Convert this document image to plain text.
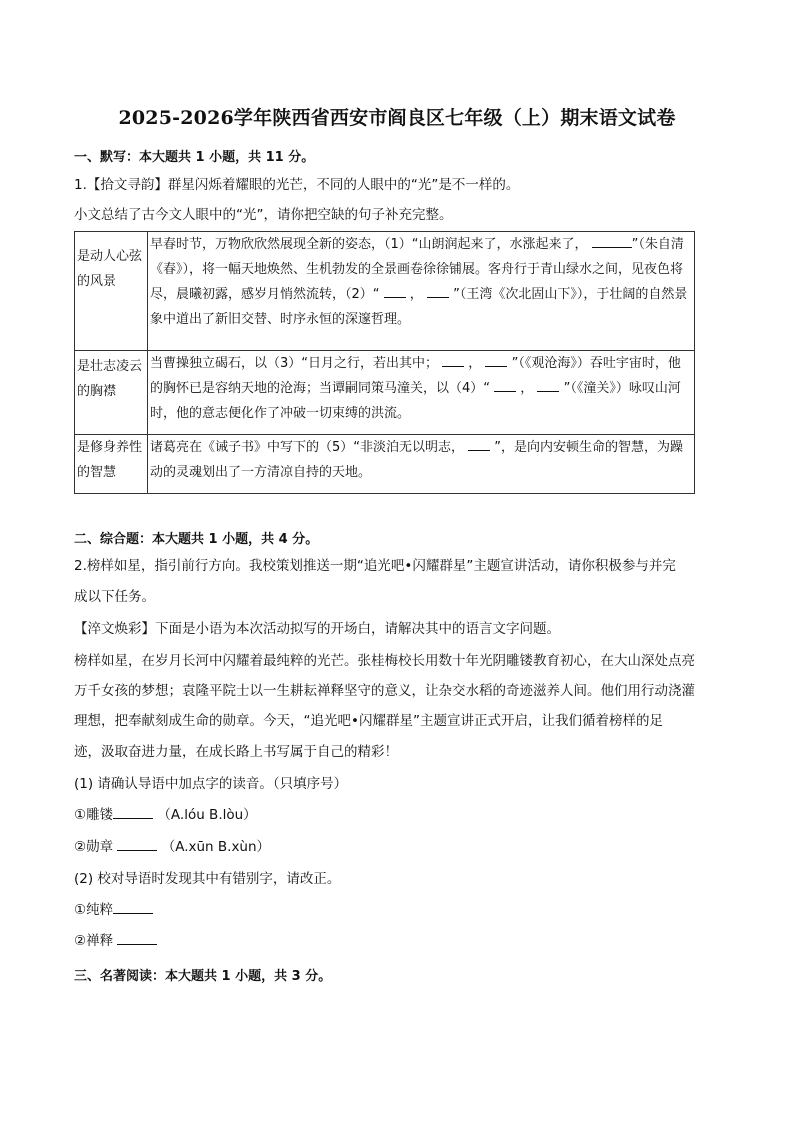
2025-2026学年陕西省西安市阎良区七年级（上）期末语文试卷
一、默写：本大题共 1 小题，共 11 分。
1.【拾文寻韵】群星闪烁着耀眼的光芒，不同的人眼中的“光”是不一样的。
小文总结了古今文人眼中的“光”，请你把空缺的句子补充完整。
是动人心弦的风景	早春时节，万物欣欣然展现全新的姿态，（1）“山朗润起来了，水涨起来了， ”（朱自清《春》），将一幅天地焕然、生机勃发的全景画卷徐徐铺展。客舟行于青山绿水之间，见夜色将尽，晨曦初露，感岁月悄然流转，（2）“ ， ”（王湾《次北固山下》），于壮阔的自然景象中道出了新旧交替、时序永恒的深邃哲理。
是壮志凌云的胸襟	当曹操独立碣石，以（3）“日月之行，若出其中； ， ”（《观沧海》）吞吐宇宙时，他的胸怀已是容纳天地的沧海；当谭嗣同策马潼关，以（4）“ ， ”（《潼关》）咏叹山河时，他的意志便化作了冲破一切束缚的洪流。
是修身养性的智慧	诸葛亮在《诫子书》中写下的（5）“非淡泊无以明志， ”，是向内安顿生命的智慧，为躁动的灵魂划出了一方清凉自持的天地。
二、综合题：本大题共 1 小题，共 4 分。
2.榜样如星，指引前行方向。我校策划推送一期“追光吧•闪耀群星”主题宣讲活动，请你积极参与并完
成以下任务。
【淬文焕彩】下面是小语为本次活动拟写的开场白，请解决其中的语言文字问题。
榜样如星，在岁月长河中闪耀着最纯粹的光芒。张桂梅校长用数十年光阴雕镂教育初心，在大山深处点亮
万千女孩的梦想；袁隆平院士以一生耕耘禅释坚守的意义，让杂交水稻的奇迹滋养人间。他们用行动浇灌
理想，把奉献刻成生命的勋章。今天，“追光吧•闪耀群星”主题宣讲正式开启，让我们循着榜样的足
迹，汲取奋进力量，在成长路上书写属于自己的精彩！
(1) 请确认导语中加点字的读音。（只填序号）
①雕镂	（A.lóu B.lòu）
②勋章	（A.xūn B.xùn）
(2) 校对导语时发现其中有错别字，请改正。
①纯粹
②禅释
三、名著阅读：本大题共 1 小题，共 3 分。
